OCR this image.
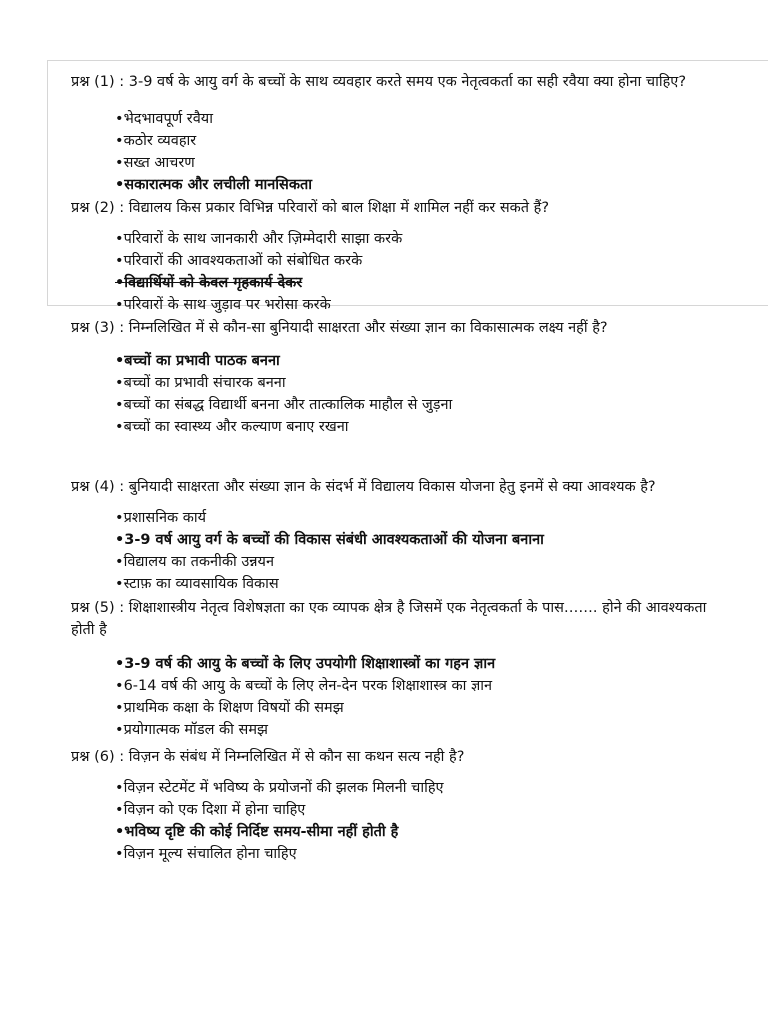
प्रश्न (1) : 3-9 वर्ष के आयु वर्ग के बच्चों के साथ व्यवहार करते समय एक नेतृत्वकर्ता का सही रवैया क्या होना चाहिए?

• भेदभावपूर्ण रवैया
• कठोर व्यवहार
• सख्त आचरण
• सकारात्मक और लचीली मानसिकता

प्रश्न (2) : विद्यालय किस प्रकार विभिन्न परिवारों को बाल शिक्षा में शामिल नहीं कर सकते हैं?

• परिवारों के साथ जानकारी और ज़िम्मेदारी साझा करके
• परिवारों की आवश्यकताओं को संबोधित करके
• विद्यार्थियों को केवल गृहकार्य देकर
• परिवारों के साथ जुड़ाव पर भरोसा करके

प्रश्न (3) : निम्नलिखित में से कौन-सा बुनियादी साक्षरता और संख्या ज्ञान का विकासात्मक लक्ष्य नहीं है?

• बच्चों का प्रभावी पाठक बनना
• बच्चों का प्रभावी संचारक बनना
• बच्चों का संबद्ध विद्यार्थी बनना और तात्कालिक माहौल से जुड़ना
• बच्चों का स्वास्थ्य और कल्याण बनाए रखना

प्रश्न (4) : बुनियादी साक्षरता और संख्या ज्ञान के संदर्भ में विद्यालय विकास योजना हेतु इनमें से क्या आवश्यक है?

• प्रशासनिक कार्य
• 3-9 वर्ष आयु वर्ग के बच्चों की विकास संबंधी आवश्यकताओं की योजना बनाना
• विद्यालय का तकनीकी उन्नयन
• स्टाफ़ का व्यावसायिक विकास

प्रश्न (5) : शिक्षाशास्त्रीय नेतृत्व विशेषज्ञता का एक व्यापक क्षेत्र है जिसमें एक नेतृत्वकर्ता के पास……. होने की आवश्यकता होती है

• 3-9 वर्ष की आयु के बच्चों के लिए उपयोगी शिक्षाशास्त्रों का गहन ज्ञान
• 6-14 वर्ष की आयु के बच्चों के लिए लेन-देन परक शिक्षाशास्त्र का ज्ञान
• प्राथमिक कक्षा के शिक्षण विषयों की समझ
• प्रयोगात्मक मॉडल की समझ

प्रश्न (6) : विज़न के संबंध में निम्नलिखित में से कौन सा कथन सत्य नही है?

• विज़न स्टेटमेंट में भविष्य के प्रयोजनों की झलक मिलनी चाहिए
• विज़न को एक दिशा में होना चाहिए
• भविष्य दृष्टि की कोई निर्दिष्ट समय-सीमा नहीं होती है
• विज़न मूल्य संचालित होना चाहिए
